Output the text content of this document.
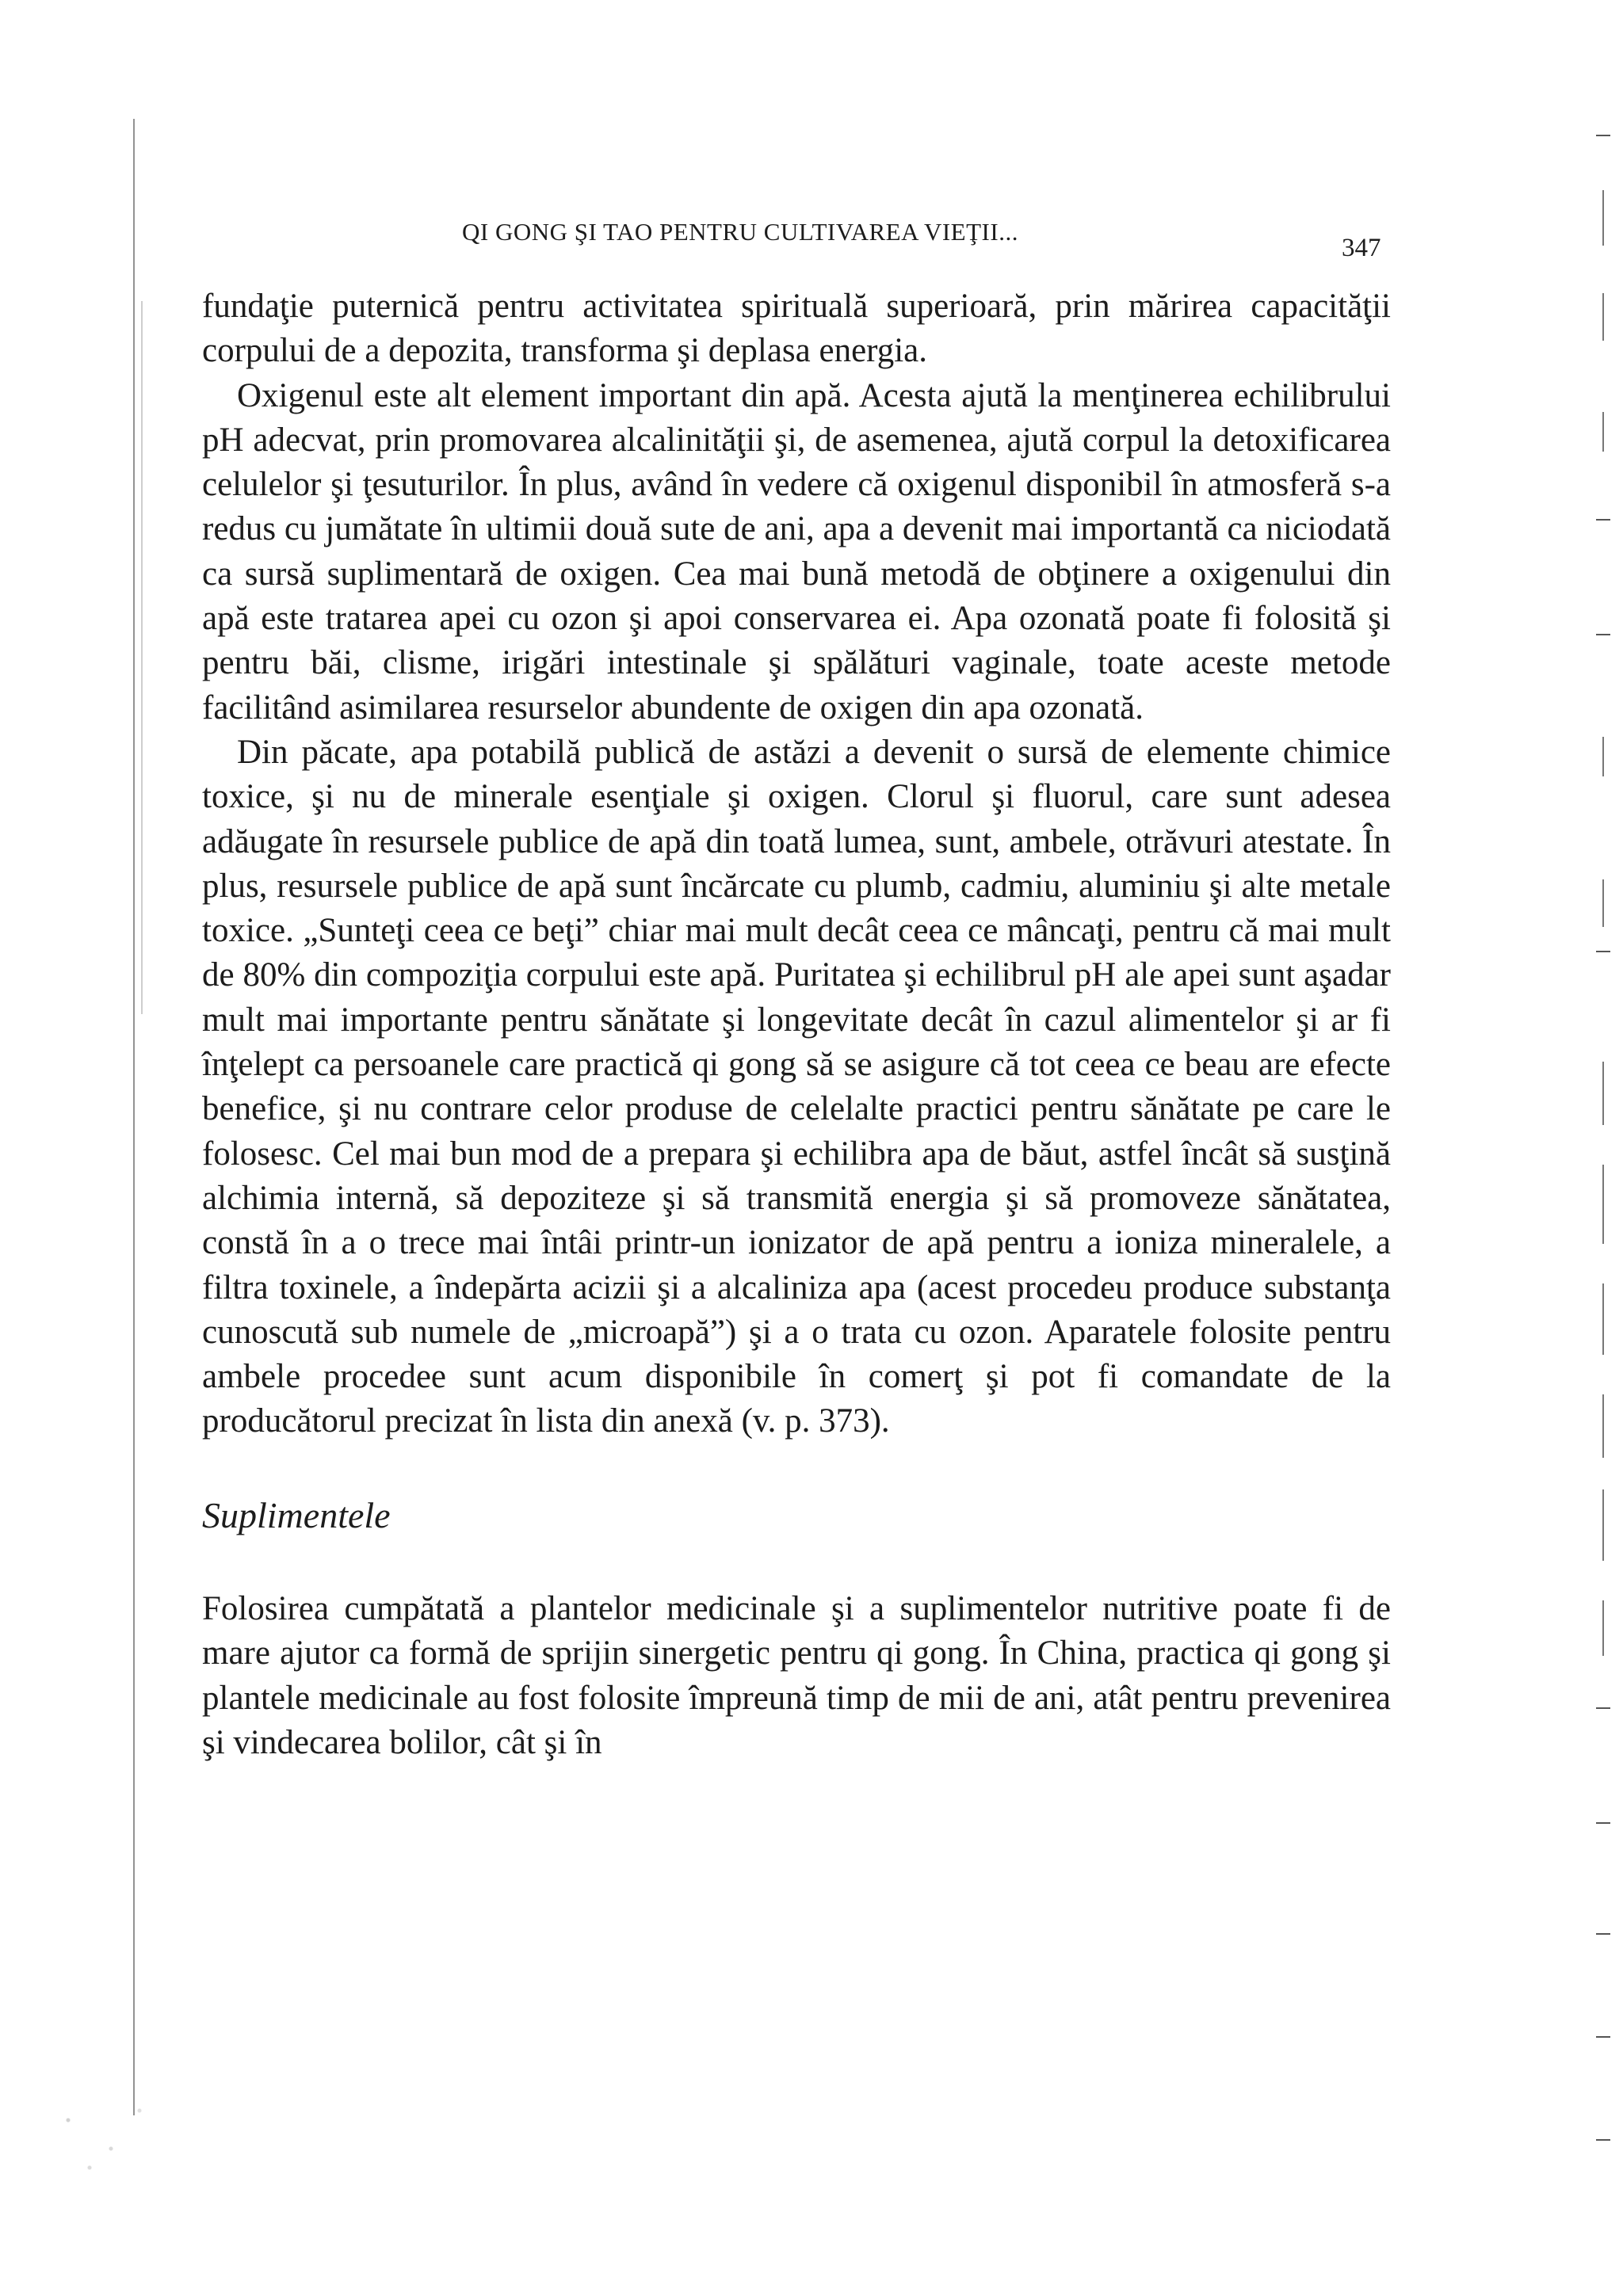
QI GONG ŞI TAO PENTRU CULTIVAREA VIEŢII...
347

fundaţie puternică pentru activitatea spirituală superioară, prin mărirea capacităţii corpului de a depozita, transforma şi deplasa energia.

Oxigenul este alt element important din apă. Acesta ajută la menţinerea echilibrului pH adecvat, prin promovarea alcalinităţii şi, de asemenea, ajută corpul la detoxificarea celulelor şi ţesuturilor. În plus, având în vedere că oxigenul disponibil în atmosferă s-a redus cu jumătate în ultimii două sute de ani, apa a devenit mai importantă ca niciodată ca sursă suplimentară de oxigen. Cea mai bună metodă de obţinere a oxigenului din apă este tratarea apei cu ozon şi apoi conservarea ei. Apa ozonată poate fi folosită şi pentru băi, clisme, irigări intestinale şi spălături vaginale, toate aceste metode facilitând asimilarea resurselor abundente de oxigen din apa ozonată.

Din păcate, apa potabilă publică de astăzi a devenit o sursă de elemente chimice toxice, şi nu de minerale esenţiale şi oxigen. Clorul şi fluorul, care sunt adesea adăugate în resursele publice de apă din toată lumea, sunt, ambele, otrăvuri atestate. În plus, resursele publice de apă sunt încărcate cu plumb, cadmiu, aluminiu şi alte metale toxice. „Sunteţi ceea ce beţi” chiar mai mult decât ceea ce mâncaţi, pentru că mai mult de 80% din compoziţia corpului este apă. Puritatea şi echilibrul pH ale apei sunt aşadar mult mai importante pentru sănătate şi longevitate decât în cazul alimentelor şi ar fi înţelept ca persoanele care practică qi gong să se asigure că tot ceea ce beau are efecte benefice, şi nu contrare celor produse de celelalte practici pentru sănătate pe care le folosesc. Cel mai bun mod de a prepara şi echilibra apa de băut, astfel încât să susţină alchimia internă, să depoziteze şi să transmită energia şi să promoveze sănătatea, constă în a o trece mai întâi printr-un ionizator de apă pentru a ioniza mineralele, a filtra toxinele, a îndepărta acizii şi a alcaliniza apa (acest procedeu produce substanţa cunoscută sub numele de „microapă”) şi a o trata cu ozon. Aparatele folosite pentru ambele procedee sunt acum disponibile în comerţ şi pot fi comandate de la producătorul precizat în lista din anexă (v. p. 373).

Suplimentele

Folosirea cumpătată a plantelor medicinale şi a suplimentelor nutritive poate fi de mare ajutor ca formă de sprijin sinergetic pentru qi gong. În China, practica qi gong şi plantele medicinale au fost folosite împreună timp de mii de ani, atât pentru prevenirea şi vindecarea bolilor, cât şi în
